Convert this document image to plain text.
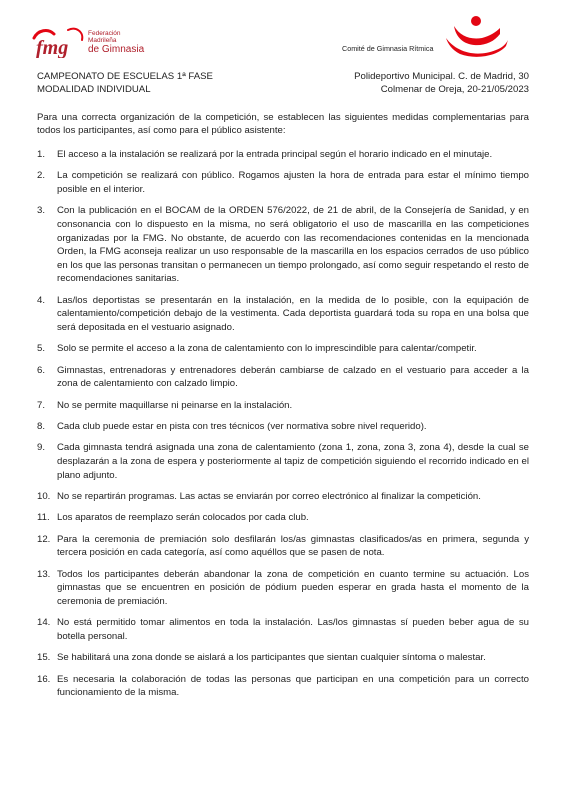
fmg
Federación Madrileña
de Gimnasia	Comité de Gimnasia Rítmica
CAMPEONATO DE ESCUELAS 1ª FASE
MODALIDAD INDIVIDUAL
Polideportivo Municipal. C. de Madrid, 30
Colmenar de Oreja, 20-21/05/2023
Para una correcta organización de la competición, se establecen las siguientes medidas complementarias para todos los participantes, así como para el público asistente:
1. El acceso a la instalación se realizará por la entrada principal según el horario indicado en el minutaje.
2. La competición se realizará con público. Rogamos ajusten la hora de entrada para estar el mínimo tiempo posible en el interior.
3. Con la publicación en el BOCAM de la ORDEN 576/2022, de 21 de abril, de la Consejería de Sanidad, y en consonancia con lo dispuesto en la misma, no será obligatorio el uso de mascarilla en las competiciones organizadas por la FMG. No obstante, de acuerdo con las recomendaciones contenidas en la mencionada Orden, la FMG aconseja realizar un uso responsable de la mascarilla en los espacios cerrados de uso público en los que las personas transitan o permanecen un tiempo prolongado, así como seguir respetando el resto de recomendaciones sanitarias.
4. Las/los deportistas se presentarán en la instalación, en la medida de lo posible, con la equipación de calentamiento/competición debajo de la vestimenta. Cada deportista guardará toda su ropa en una bolsa que será depositada en el vestuario asignado.
5. Solo se permite el acceso a la zona de calentamiento con lo imprescindible para calentar/competir.
6. Gimnastas, entrenadoras y entrenadores deberán cambiarse de calzado en el vestuario para acceder a la zona de calentamiento con calzado limpio.
7. No se permite maquillarse ni peinarse en la instalación.
8. Cada club puede estar en pista con tres técnicos (ver normativa sobre nivel requerido).
9. Cada gimnasta tendrá asignada una zona de calentamiento (zona 1, zona, zona 3, zona 4), desde la cual se desplazarán a la zona de espera y posteriormente al tapiz de competición siguiendo el recorrido indicado en el plano adjunto.
10. No se repartirán programas. Las actas se enviarán por correo electrónico al finalizar la competición.
11. Los aparatos de reemplazo serán colocados por cada club.
12. Para la ceremonia de premiación solo desfilarán los/as gimnastas clasificados/as en primera, segunda y tercera posición en cada categoría, así como aquéllos que se pasen de nota.
13. Todos los participantes deberán abandonar la zona de competición en cuanto termine su actuación. Los gimnastas que se encuentren en posición de pódium pueden esperar en grada hasta el momento de la ceremonia de premiación.
14. No está permitido tomar alimentos en toda la instalación. Las/los gimnastas sí pueden beber agua de su botella personal.
15. Se habilitará una zona donde se aislará a los participantes que sientan cualquier síntoma o malestar.
16. Es necesaria la colaboración de todas las personas que participan en una competición para un correcto funcionamiento de la misma.
